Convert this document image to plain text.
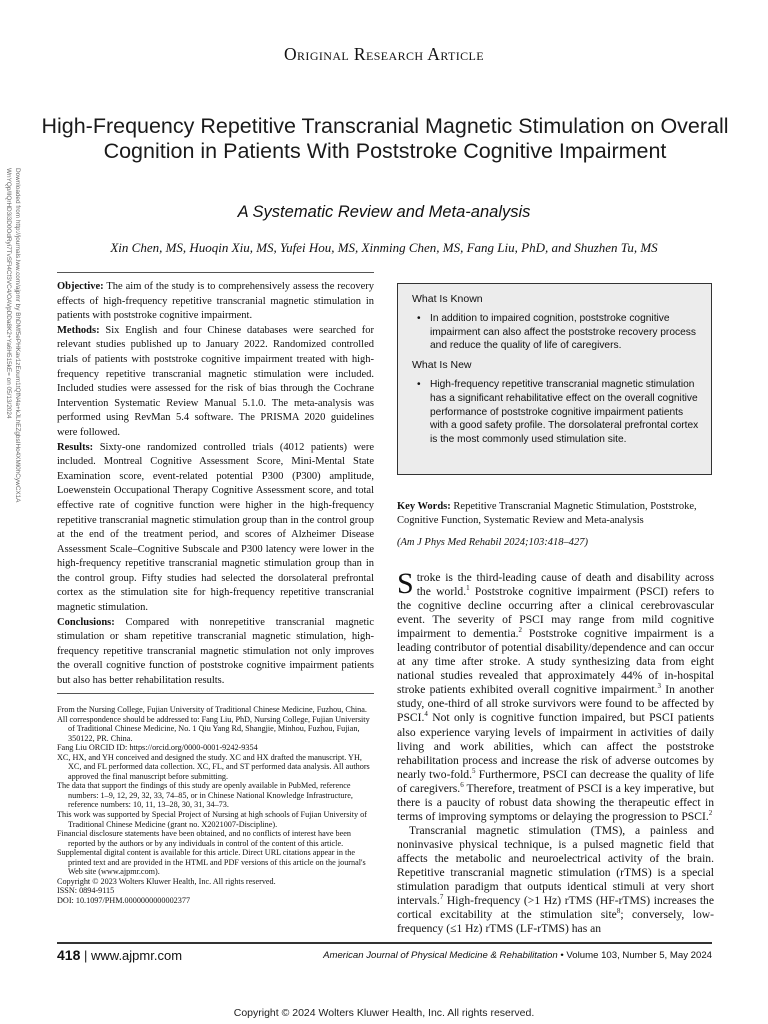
Original Research Article
High-Frequency Repetitive Transcranial Magnetic Stimulation on Overall Cognition in Patients With Poststroke Cognitive Impairment
A Systematic Review and Meta-analysis
Xin Chen, MS, Huoqin Xiu, MS, Yufei Hou, MS, Xinming Chen, MS, Fang Liu, PhD, and Shuzhen Tu, MS
Downloaded from http://journals.lww.com/ajpmr by BhDMf5ePHKav1zEoum1tQfN4a+kJLhEZgbsIHo4XMi0hCywCX1A
WnYQp/IlQrHD3i3D0OdRyi7TvSFl4Cf3VC4/OAVpDDa8K2+Ya6H515kE= on 05/13/2024	Objective: The aim of the study is to comprehensively assess the recovery effects of high-frequency repetitive transcranial magnetic stimulation in patients with poststroke cognitive impairment.

Methods: Six English and four Chinese databases were searched for relevant studies published up to January 2022. Randomized controlled trials of patients with poststroke cognitive impairment treated with high-frequency repetitive transcranial magnetic stimulation were included. Included studies were assessed for the risk of bias through the Cochrane Intervention Systematic Review Manual 5.1.0. The meta-analysis was performed using RevMan 5.4 software. The PRISMA 2020 guidelines were followed.

Results: Sixty-one randomized controlled trials (4012 patients) were included. Montreal Cognitive Assessment Score, Mini-Mental State Examination score, event-related potential P300 (P300) amplitude, Loewenstein Occupational Therapy Cognitive Assessment score, and total effective rate of cognitive function were higher in the high-frequency repetitive transcranial magnetic stimulation group than in the control group at the end of the treatment period, and scores of Alzheimer Disease Assessment Scale–Cognitive Subscale and P300 latency were lower in the high-frequency repetitive transcranial magnetic stimulation group than in the control group. Fifty studies had selected the dorsolateral prefrontal cortex as the stimulation site for high-frequency repetitive transcranial magnetic stimulation.

Conclusions: Compared with nonrepetitive transcranial magnetic stimulation or sham repetitive transcranial magnetic stimulation, high-frequency repetitive transcranial magnetic stimulation not only improves the overall cognitive function of poststroke cognitive impairment patients but also has better rehabilitation results.

What Is Known
• In addition to impaired cognition, poststroke cognitive impairment can also affect the poststroke recovery process and reduce the quality of life of caregivers.
What Is New
• High-frequency repetitive transcranial magnetic stimulation has a significant rehabilitative effect on the overall cognitive performance of poststroke cognitive impairment patients with a good safety profile. The dorsolateral prefrontal cortex is the most commonly used stimulation site.
Key Words: Repetitive Transcranial Magnetic Stimulation, Poststroke, Cognitive Function, Systematic Review and Meta-analysis
(Am J Phys Med Rehabil 2024;103:418–427)

From the Nursing College, Fujian University of Traditional Chinese Medicine, Fuzhou, China.

All correspondence should be addressed to: Fang Liu, PhD, Nursing College, Fujian University of Traditional Chinese Medicine, No. 1 Qiu Yang Rd, Shangjie, Minhou, Fuzhou, Fujian, 350122, PR. China.

Fang Liu ORCID ID: https://orcid.org/0000-0001-9242-9354

XC, HX, and YH conceived and designed the study. XC and HX drafted the manuscript. YH, XC, and FL performed data collection. XC, FL, and ST performed data analysis. All authors approved the final manuscript before submitting.

The data that support the findings of this study are openly available in PubMed, reference numbers: 1–9, 12, 29, 32, 33, 74–85, or in Chinese National Knowledge Infrastructure, reference numbers: 10, 11, 13–28, 30, 31, 34–73.

This work was supported by Special Project of Nursing at high schools of Fujian University of Traditional Chinese Medicine (grant no. X2021007-Discipline).

Financial disclosure statements have been obtained, and no conflicts of interest have been reported by the authors or by any individuals in control of the content of this article.

Supplemental digital content is available for this article. Direct URL citations appear in the printed text and are provided in the HTML and PDF versions of this article on the journal's Web site (www.ajpmr.com).

Copyright © 2023 Wolters Kluwer Health, Inc. All rights reserved.

ISSN: 0894-9115

DOI: 10.1097/PHM.0000000000002377

Stroke is the third-leading cause of death and disability across the world.$^1$ Poststroke cognitive impairment (PSCI) refers to the cognitive decline occurring after a clinical cerebrovascular event. The severity of PSCI may range from mild cognitive impairment to dementia.$^2$ Poststroke cognitive impairment is a leading contributor of potential disability/dependence and can occur at any time after stroke. A study synthesizing data from eight national studies revealed that approximately 44% of in-hospital stroke patients exhibited overall cognitive impairment.$^3$ In another study, one-third of all stroke survivors were found to be affected by PSCI.$^4$ Not only is cognitive function impaired, but PSCI patients also experience varying levels of impairment in activities of daily living and work abilities, which can affect the poststroke rehabilitation process and increase the risk of adverse outcomes by nearly two-fold.$^5$ Furthermore, PSCI can decrease the quality of life of caregivers.$^6$ Therefore, treatment of PSCI is a key imperative, but there is a paucity of robust data showing the therapeutic effect in terms of improving symptoms or delaying the progression to PSCI.$^2$

Transcranial magnetic stimulation (TMS), a painless and noninvasive physical technique, is a pulsed magnetic field that affects the metabolic and neuroelectrical activity of the brain. Repetitive transcranial magnetic stimulation (rTMS) is a special stimulation paradigm that outputs identical stimuli at very short intervals.$^7$ High-frequency (>1 Hz) rTMS (HF-rTMS) increases the cortical excitability at the stimulation site$^8$; conversely, low-frequency (≤1 Hz) rTMS (LF-rTMS) has an

418 | www.ajpmr.com	American Journal of Physical Medicine & Rehabilitation • Volume 103, Number 5, May 2024
Copyright © 2024 Wolters Kluwer Health, Inc. All rights reserved.
